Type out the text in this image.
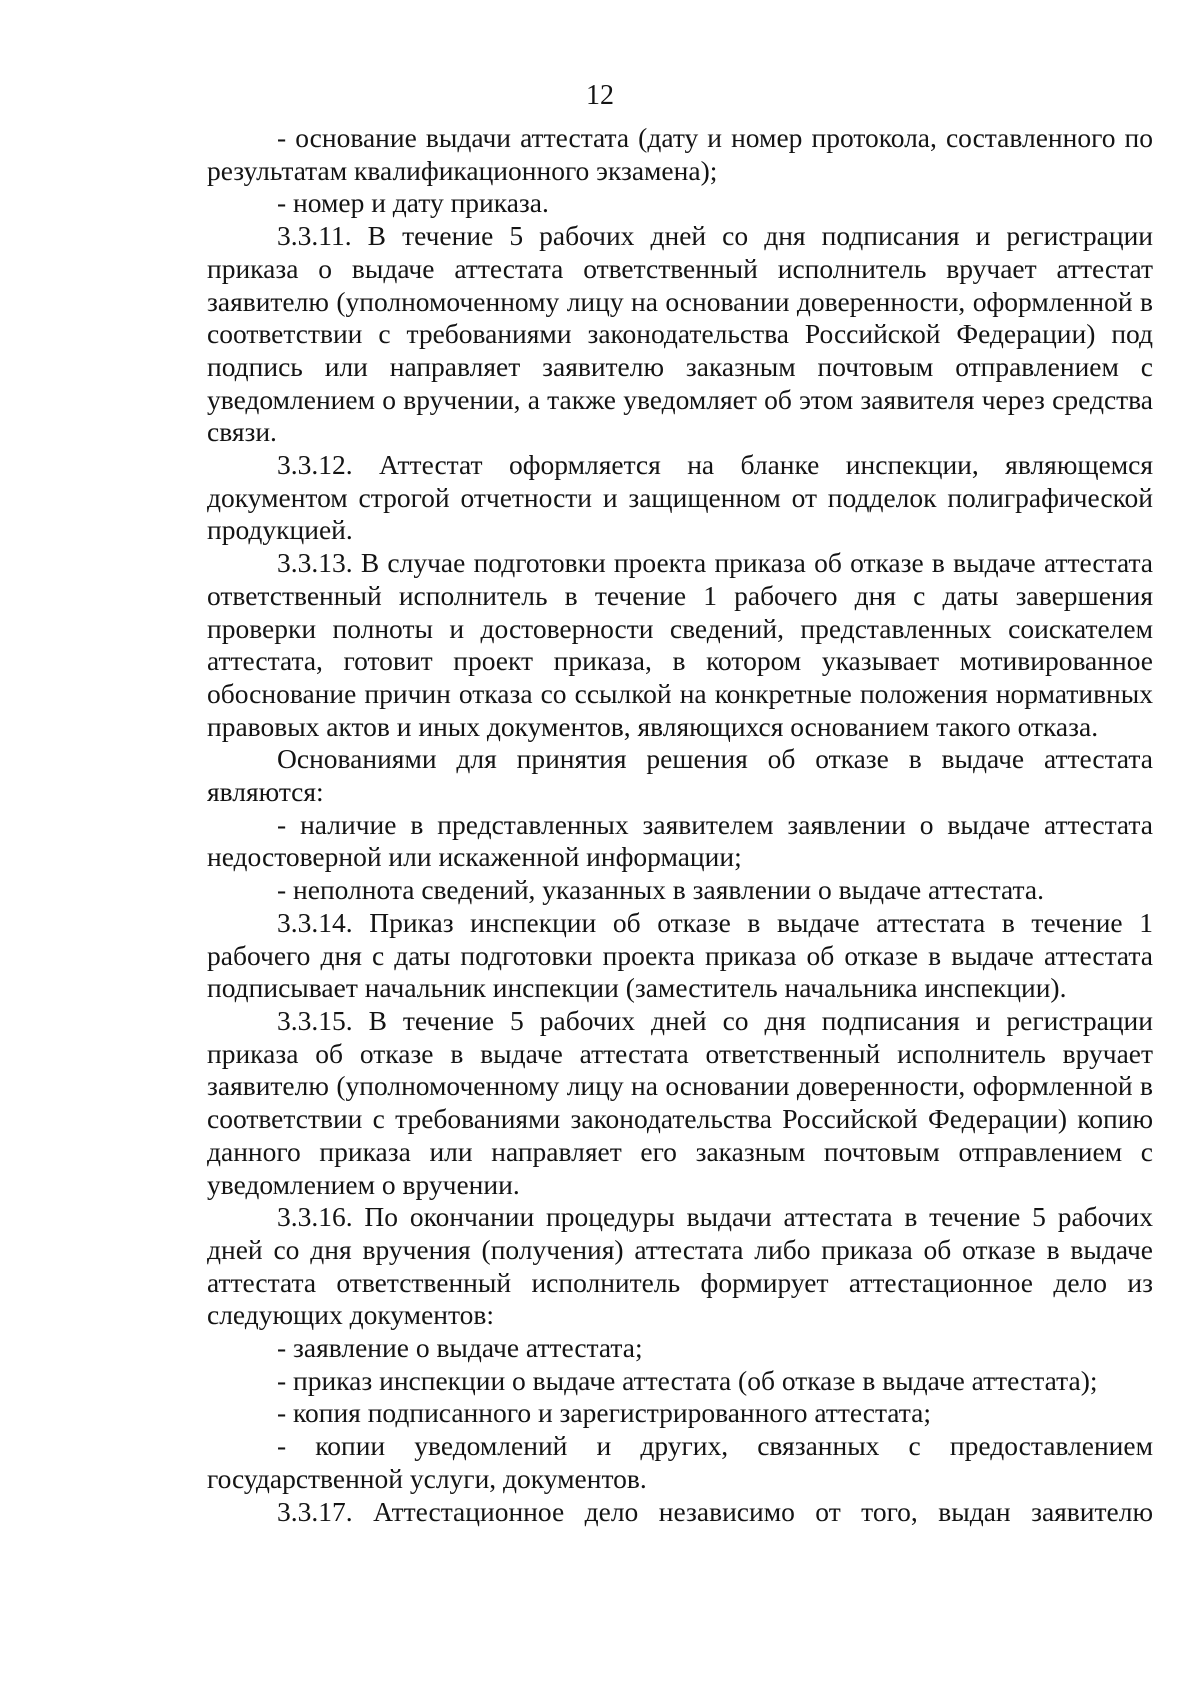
12

- основание выдачи аттестата (дату и номер протокола, составленного по результатам квалификационного экзамена);

- номер и дату приказа.

3.3.11. В течение 5 рабочих дней со дня подписания и регистрации приказа о выдаче аттестата ответственный исполнитель вручает аттестат заявителю (уполномоченному лицу на основании доверенности, оформленной в соответствии с требованиями законодательства Российской Федерации) под подпись или направляет заявителю заказным почтовым отправлением с уведомлением о вручении, а также уведомляет об этом заявителя через средства связи.

3.3.12. Аттестат оформляется на бланке инспекции, являющемся документом строгой отчетности и защищенном от подделок полиграфической продукцией.

3.3.13. В случае подготовки проекта приказа об отказе в выдаче аттестата ответственный исполнитель в течение 1 рабочего дня с даты завершения проверки полноты и достоверности сведений, представленных соискателем аттестата, готовит проект приказа, в котором указывает мотивированное обоснование причин отказа со ссылкой на конкретные положения нормативных правовых актов и иных документов, являющихся основанием такого отказа.

Основаниями для принятия решения об отказе в выдаче аттестата являются:

- наличие в представленных заявителем заявлении о выдаче аттестата недостоверной или искаженной информации;

- неполнота сведений, указанных в заявлении о выдаче аттестата.

3.3.14. Приказ инспекции об отказе в выдаче аттестата в течение 1 рабочего дня с даты подготовки проекта приказа об отказе в выдаче аттестата подписывает начальник инспекции (заместитель начальника инспекции).

3.3.15. В течение 5 рабочих дней со дня подписания и регистрации приказа об отказе в выдаче аттестата ответственный исполнитель вручает заявителю (уполномоченному лицу на основании доверенности, оформленной в соответствии с требованиями законодательства Российской Федерации) копию данного приказа или направляет его заказным почтовым отправлением с уведомлением о вручении.

3.3.16. По окончании процедуры выдачи аттестата в течение 5 рабочих дней со дня вручения (получения) аттестата либо приказа об отказе в выдаче аттестата ответственный исполнитель формирует аттестационное дело из следующих документов:

- заявление о выдаче аттестата;

- приказ инспекции о выдаче аттестата (об отказе в выдаче аттестата);

- копия подписанного и зарегистрированного аттестата;

- копии уведомлений и других, связанных с предоставлением государственной услуги, документов.

3.3.17. Аттестационное дело независимо от того, выдан заявителю
